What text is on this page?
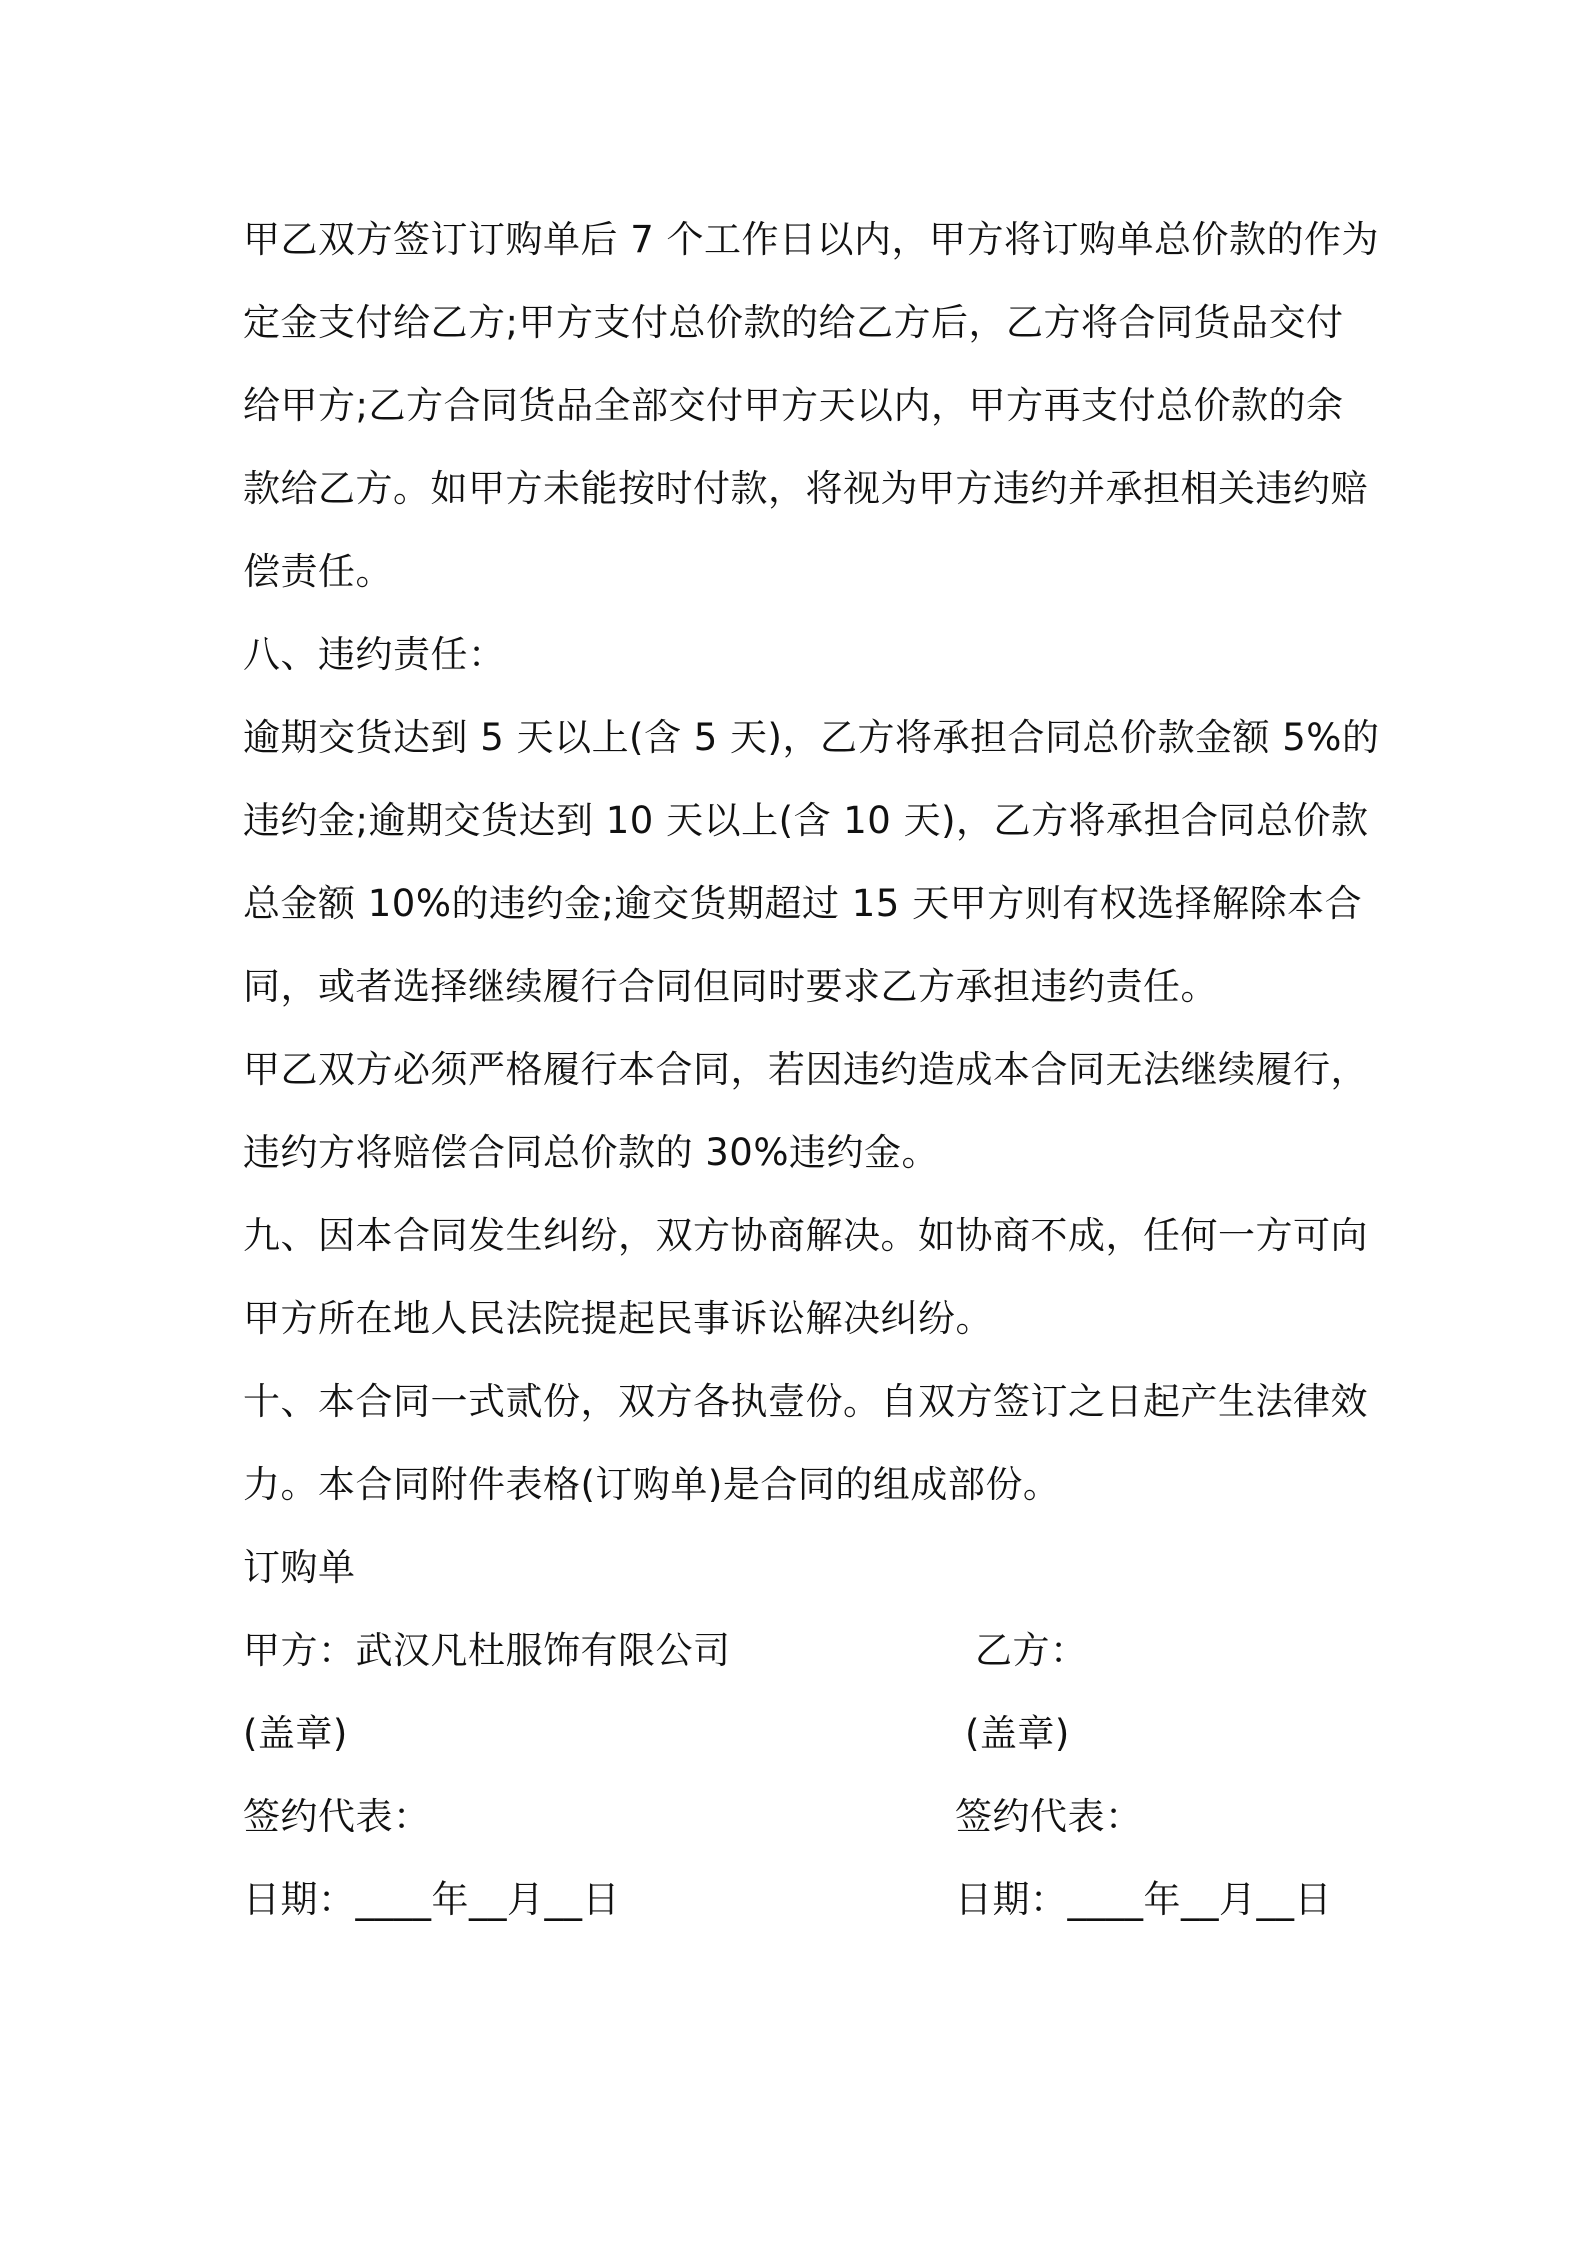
甲乙双方签订订购单后 7 个工作日以内，甲方将订购单总价款的作为
定金支付给乙方;甲方支付总价款的给乙方后，乙方将合同货品交付
给甲方;乙方合同货品全部交付甲方天以内，甲方再支付总价款的余
款给乙方。如甲方未能按时付款，将视为甲方违约并承担相关违约赔
偿责任。
八、违约责任：
逾期交货达到 5 天以上(含 5 天)，乙方将承担合同总价款金额 5%的
违约金;逾期交货达到 10 天以上(含 10 天)，乙方将承担合同总价款
总金额 10%的违约金;逾交货期超过 15 天甲方则有权选择解除本合
同，或者选择继续履行合同但同时要求乙方承担违约责任。
甲乙双方必须严格履行本合同，若因违约造成本合同无法继续履行，
违约方将赔偿合同总价款的 30%违约金。
九、因本合同发生纠纷，双方协商解决。如协商不成，任何一方可向
甲方所在地人民法院提起民事诉讼解决纠纷。
十、本合同一式贰份，双方各执壹份。自双方签订之日起产生法律效
力。本合同附件表格(订购单)是合同的组成部份。
订购单
甲方：武汉凡杜服饰有限公司	乙方：
(盖章)	(盖章)
签约代表：	签约代表：
日期：____年__月__日	日期：____年__月__日
